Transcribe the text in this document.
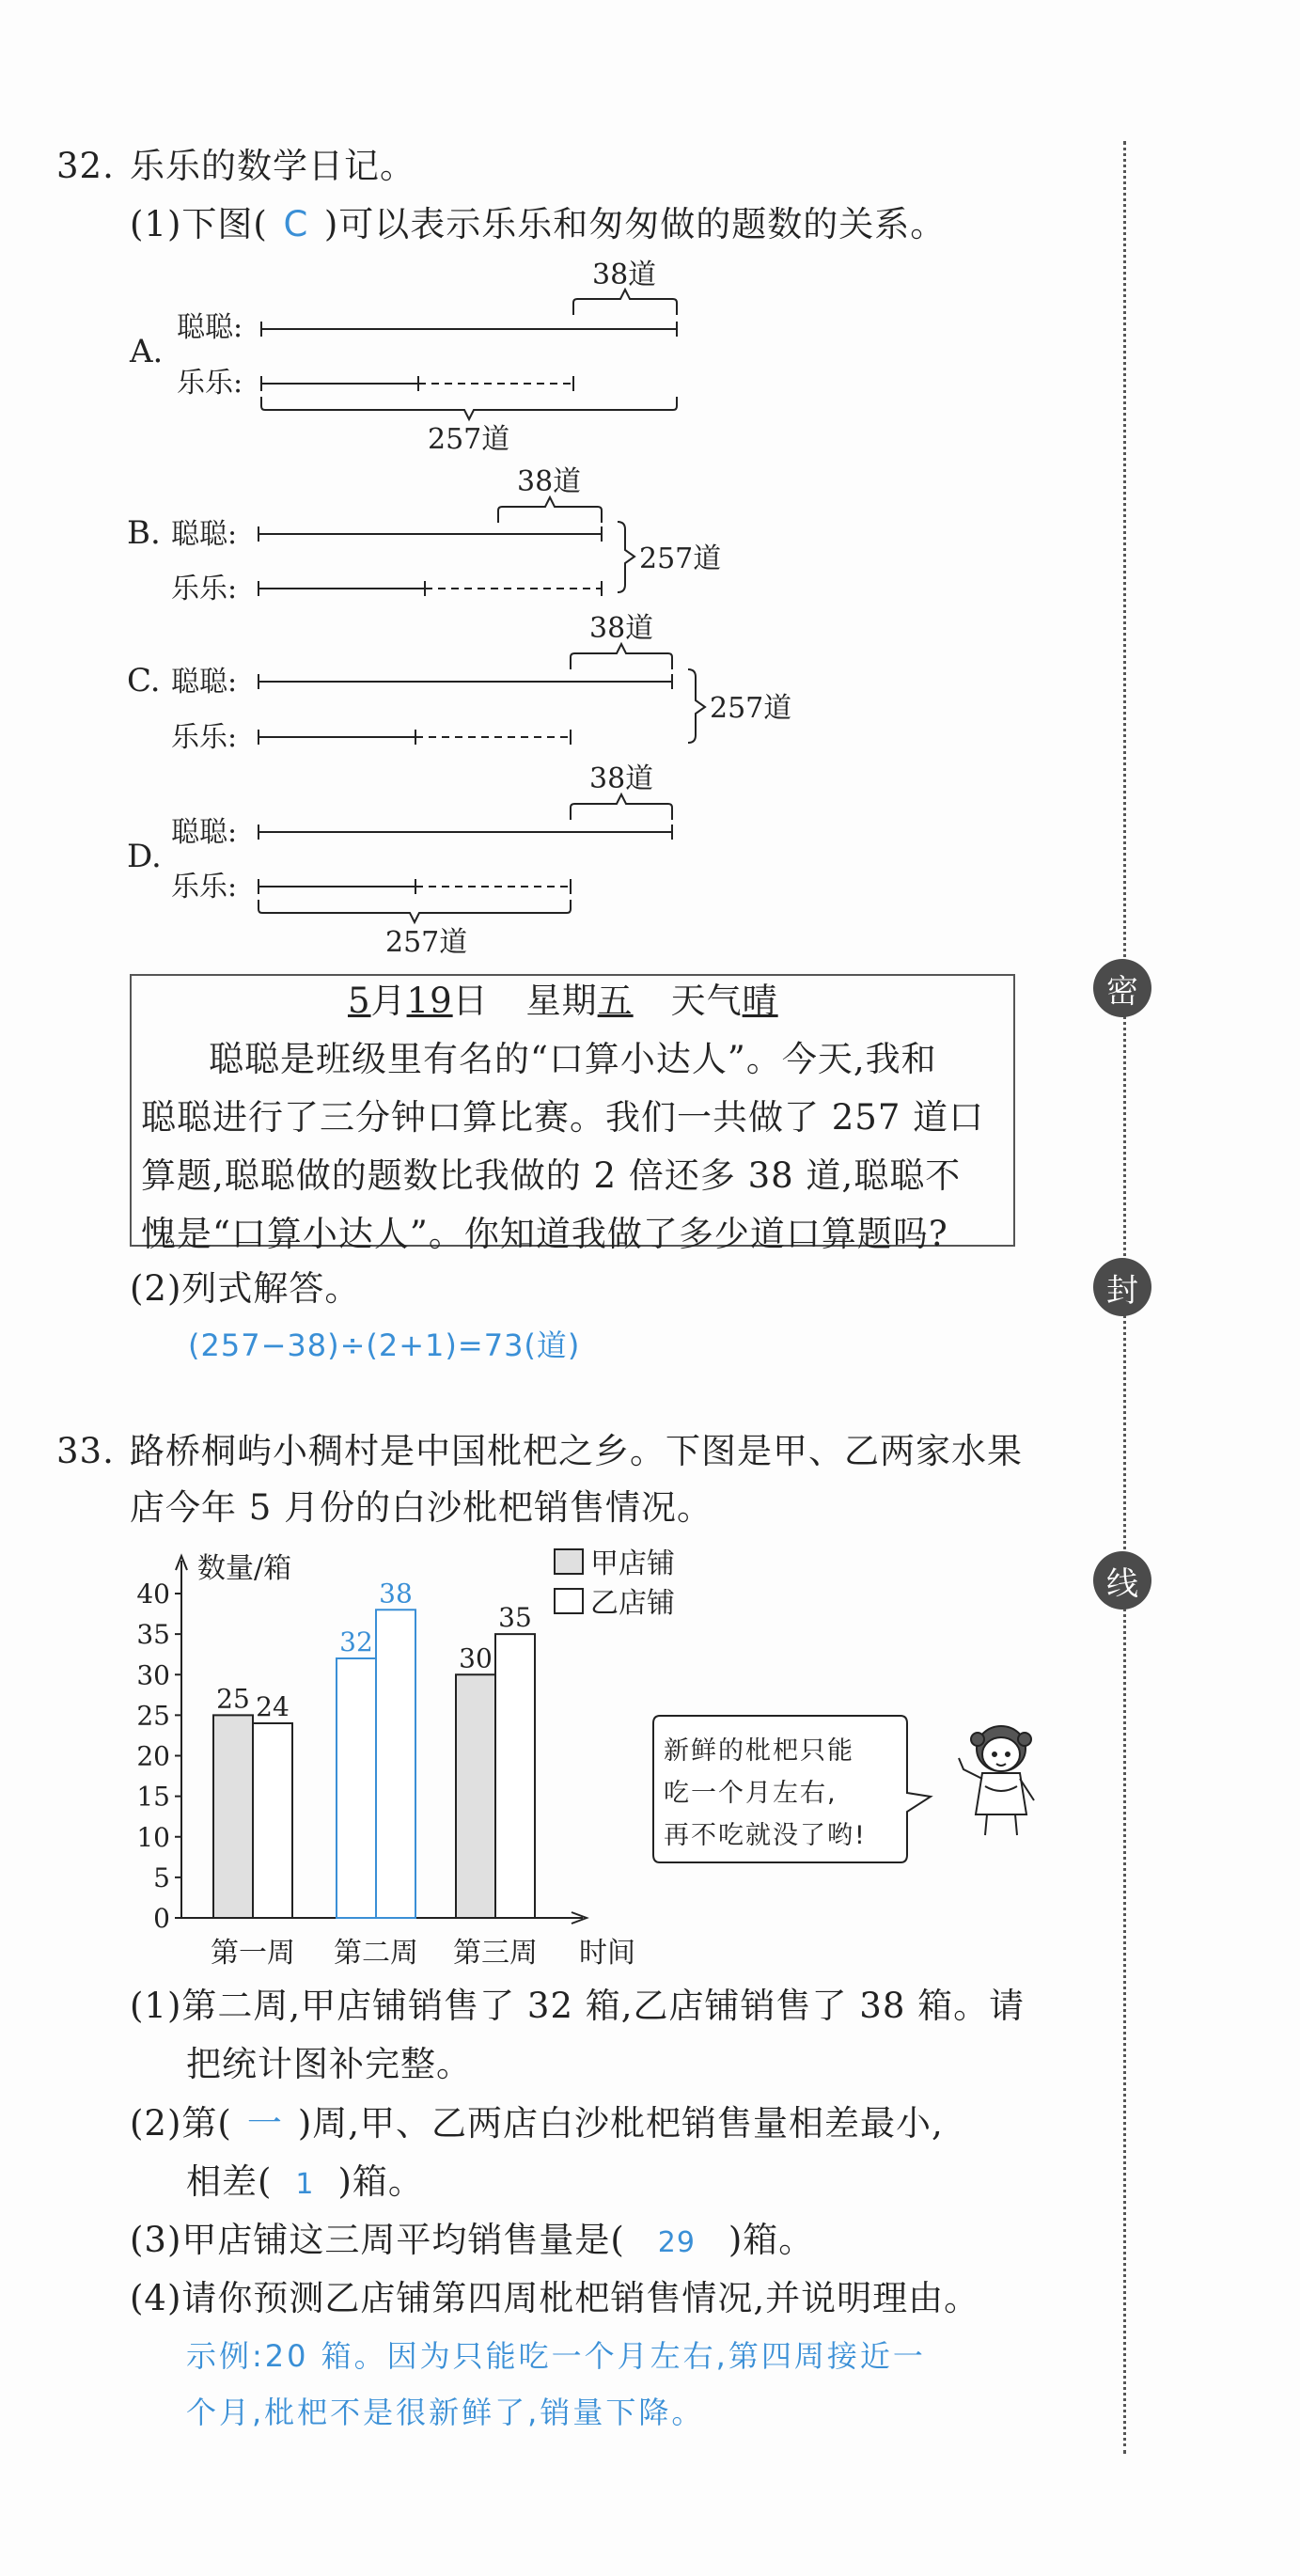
密
封
线
32. 乐乐的数学日记。
(1)下图( C )可以表示乐乐和匆匆做的题数的关系。
A.
聪聪:
乐乐:
38道
257道
B. 聪聪:
乐乐:
38道
257道
C. 聪聪:
乐乐:
38道
257道
D.
聪聪:
乐乐:
38道
257道
5月19日 星期五 天气晴
聪聪是班级里有名的“口算小达人”。今天,我和
聪聪进行了三分钟口算比赛。我们一共做了 257 道口
算题,聪聪做的题数比我做的 2 倍还多 38 道,聪聪不
愧是“口算小达人”。你知道我做了多少道口算题吗?
(2)列式解答。
(257−38)÷(2+1)=73(道)
33. 路桥桐屿小稠村是中国枇杷之乡。下图是甲、乙两家水果
店今年 5 月份的白沙枇杷销售情况。
0
5
10
15
20
25
30
35
40
25 24
第一周
32
38
第二周
30
35
第三周
甲店铺
乙店铺
数量/箱
时间
新鲜的枇杷只能
吃一个月左右,
再不吃就没了哟!
(1)第二周,甲店铺销售了 32 箱,乙店铺销售了 38 箱。请
把统计图补完整。
(2)第( 一 )周,甲、乙两店白沙枇杷销售量相差最小,
相差( 1 )箱。
(3)甲店铺这三周平均销售量是( 29 )箱。
(4)请你预测乙店铺第四周枇杷销售情况,并说明理由。
示例:20 箱。因为只能吃一个月左右,第四周接近一
个月,枇杷不是很新鲜了,销量下降。
